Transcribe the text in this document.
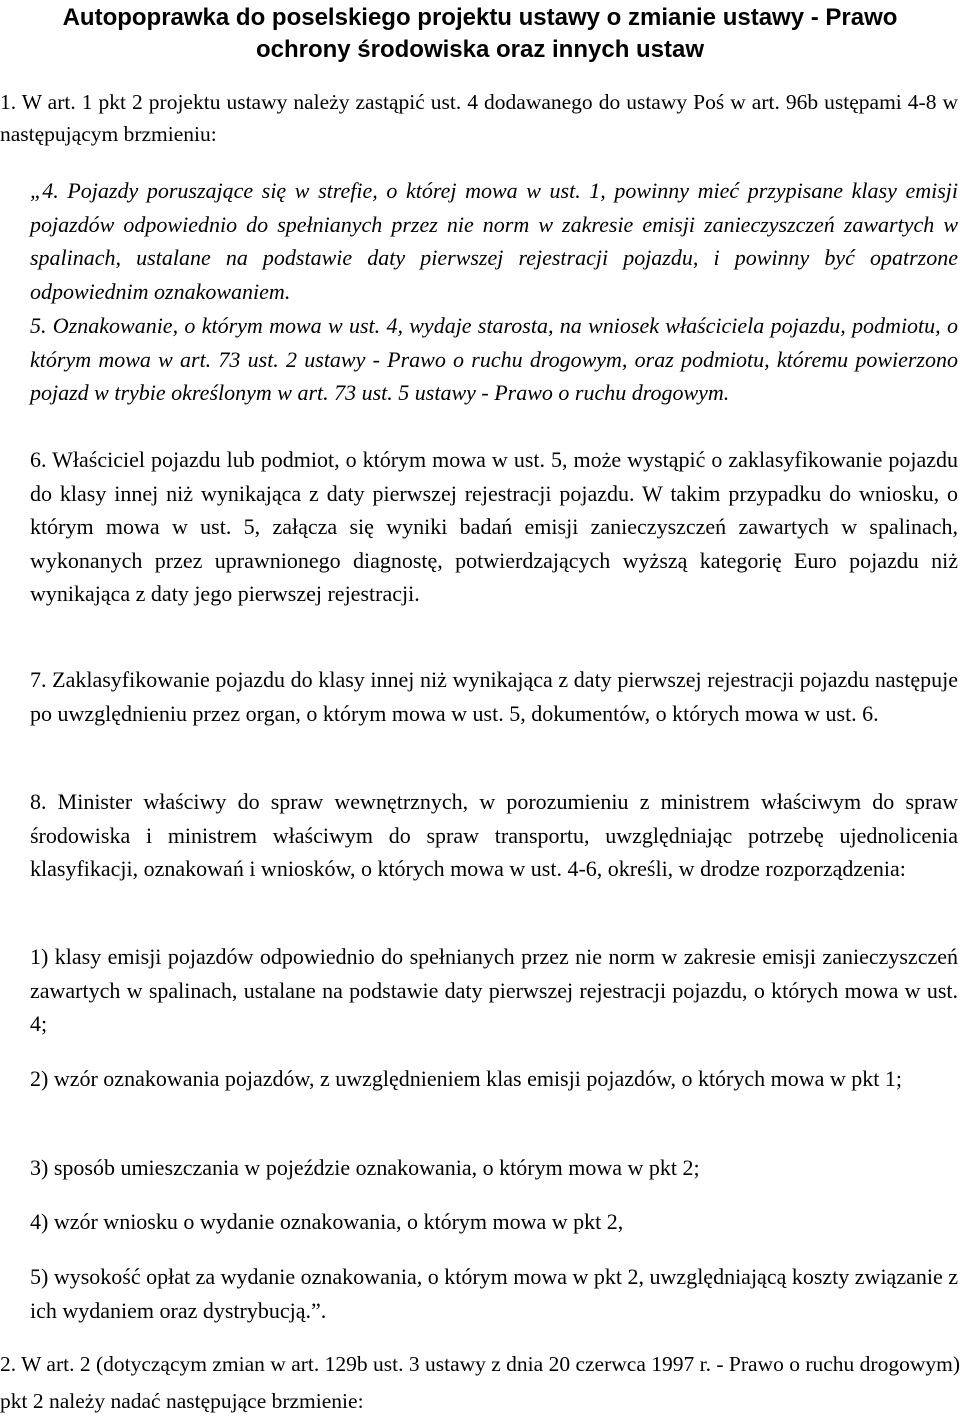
Autopoprawka do poselskiego projektu ustawy o zmianie ustawy - Prawo ochrony środowiska oraz innych ustaw
1. W art. 1 pkt 2 projektu ustawy należy zastąpić ust. 4 dodawanego do ustawy Poś w art. 96b ustępami 4-8 w następującym brzmieniu:
„4. Pojazdy poruszające się w strefie, o której mowa w ust. 1, powinny mieć przypisane klasy emisji pojazdów odpowiednio do spełnianych przez nie norm w zakresie emisji zanieczyszczeń zawartych w spalinach, ustalane na podstawie daty pierwszej rejestracji pojazdu, i powinny być opatrzone odpowiednim oznakowaniem.
5. Oznakowanie, o którym mowa w ust. 4, wydaje starosta, na wniosek właściciela pojazdu, podmiotu, o którym mowa w art. 73 ust. 2 ustawy - Prawo o ruchu drogowym, oraz podmiotu, któremu powierzono pojazd w trybie określonym w art. 73 ust. 5 ustawy - Prawo o ruchu drogowym.
6. Właściciel pojazdu lub podmiot, o którym mowa w ust. 5, może wystąpić o zaklasyfikowanie pojazdu do klasy innej niż wynikająca z daty pierwszej rejestracji pojazdu. W takim przypadku do wniosku, o którym mowa w ust. 5, załącza się wyniki badań emisji zanieczyszczeń zawartych w spalinach, wykonanych przez uprawnionego diagnostę, potwierdzających wyższą kategorię Euro pojazdu niż wynikająca z daty jego pierwszej rejestracji.
7. Zaklasyfikowanie pojazdu do klasy innej niż wynikająca z daty pierwszej rejestracji pojazdu następuje po uwzględnieniu przez organ, o którym mowa w ust. 5, dokumentów, o których mowa w ust. 6.
8. Minister właściwy do spraw wewnętrznych, w porozumieniu z ministrem właściwym do spraw środowiska i ministrem właściwym do spraw transportu, uwzględniając potrzebę ujednolicenia klasyfikacji, oznakowań i wniosków, o których mowa w ust. 4-6, określi, w drodze rozporządzenia:
1) klasy emisji pojazdów odpowiednio do spełnianych przez nie norm w zakresie emisji zanieczyszczeń zawartych w spalinach, ustalane na podstawie daty pierwszej rejestracji pojazdu, o których mowa w ust. 4;
2) wzór oznakowania pojazdów, z uwzględnieniem klas emisji pojazdów, o których mowa w pkt 1;
3) sposób umieszczania w pojeździe oznakowania, o którym mowa w pkt 2;
4) wzór wniosku o wydanie oznakowania, o którym mowa w pkt 2,
5) wysokość opłat za wydanie oznakowania, o którym mowa w pkt 2, uwzględniającą koszty związanie z ich wydaniem oraz dystrybucją.”.
2. W art. 2 (dotyczącym zmian w art. 129b ust. 3 ustawy z dnia 20 czerwca 1997 r. - Prawo o ruchu drogowym) pkt 2 należy nadać następujące brzmienie:
